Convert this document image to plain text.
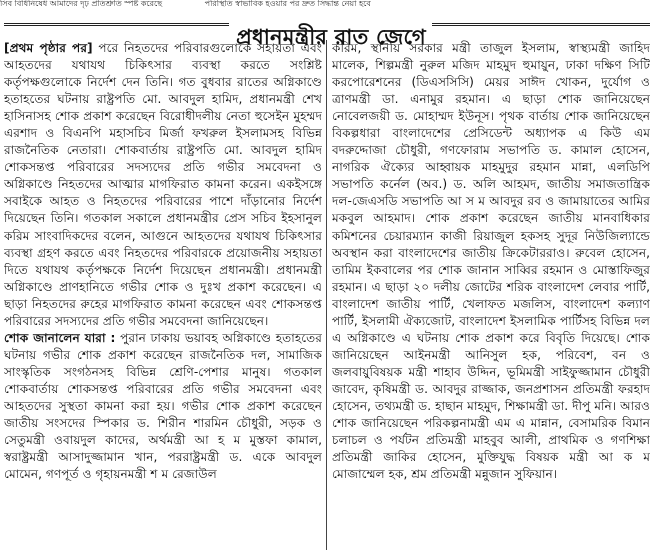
সিব বিধিনিষেধ আমাদের দৃঢ় প্রতিশ্রুতি স্পষ্ট করেছে	পরিস্থিতি স্বাভাবিক হওয়ার পর দ্রুত সিদ্ধান্ত নেয়া হবে
প্রধানমন্ত্রীর রাত জেগে

[প্রথম পৃষ্ঠার পর] পরে নিহতদের পরিবারগুলোকে সহায়তা এবং আহতদের যথাযথ চিকিৎসার ব্যবস্থা করতে সংশ্লিষ্ট কর্তৃপক্ষগুলোকে নির্দেশ দেন তিনি। গত বুধবার রাতের অগ্নিকাণ্ডে হতাহতের ঘটনায় রাষ্ট্রপতি মো. আবদুল হামিদ, প্রধানমন্ত্রী শেখ হাসিনাসহ শোক প্রকাশ করেছেন বিরোধীদলীয় নেতা হুসেইন মুহম্মদ এরশাদ ও বিএনপি মহাসচিব মির্জা ফখরুল ইসলামসহ বিভিন্ন রাজনৈতিক নেতারা। শোকবার্তায় রাষ্ট্রপতি মো. আবদুল হামিদ শোকসন্তপ্ত পরিবারের সদস্যদের প্রতি গভীর সমবেদনা ও অগ্নিকাণ্ডে নিহতদের আত্মার মাগফিরাত কামনা করেন। একইসঙ্গে সবাইকে আহত ও নিহতদের পরিবারের পাশে দাঁড়ানোর নির্দেশ দিয়েছেন তিনি। গতকাল সকালে প্রধানমন্ত্রীর প্রেস সচিব ইহসানুল করিম সাংবাদিকদের বলেন, আগুনে আহতদের যথাযথ চিকিৎসার ব্যবস্থা গ্রহণ করতে এবং নিহতদের পরিবারকে প্রয়োজনীয় সহায়তা দিতে যথাযথ কর্তৃপক্ষকে নির্দেশ দিয়েছেন প্রধানমন্ত্রী। প্রধানমন্ত্রী অগ্নিকাণ্ডে প্রাণহানিতে গভীর শোক ও দুঃখ প্রকাশ করেছেন। এ ছাড়া নিহতদের রুহের মাগফিরাত কামনা করেছেন এবং শোকসন্তপ্ত পরিবারের সদস্যদের প্রতি গভীর সমবেদনা জানিয়েছেন।

শোক জানালেন যারা : পুরান ঢাকায় ভয়াবহ অগ্নিকাণ্ডে হতাহতের ঘটনায় গভীর শোক প্রকাশ করেছেন রাজনৈতিক দল, সামাজিক সাংস্কৃতিক সংগঠনসহ বিভিন্ন শ্রেণি-পেশার মানুষ। গতকাল শোকবার্তায় শোকসন্তপ্ত পরিবারের প্রতি গভীর সমবেদনা এবং আহতদের সুস্থতা কামনা করা হয়। গভীর শোক প্রকাশ করেছেন জাতীয় সংসদের স্পিকার ড. শিরীন শারমিন চৌধুরী, সড়ক ও সেতুমন্ত্রী ওবায়দুল কাদের, অর্থমন্ত্রী আ হ ম মুস্তফা কামাল, স্বরাষ্ট্রমন্ত্রী আসাদুজ্জামান খান, পররাষ্ট্রমন্ত্রী ড. একে আবদুল মোমেন, গণপূর্ত ও গৃহায়নমন্ত্রী শ ম রেজাউল

করিম, স্থানীয় সরকার মন্ত্রী তাজুল ইসলাম, স্বাস্থ্যমন্ত্রী জাহিদ মালেক, শিল্পমন্ত্রী নুরুল মজিদ মাহমুদ হুমায়ুন, ঢাকা দক্ষিণ সিটি করপোরেশনের (ডিএসসিসি) মেয়র সাঈদ খোকন, দুর্যোগ ও ত্রাণমন্ত্রী ডা. এনামুর রহমান। এ ছাড়া শোক জানিয়েছেন নোবেলজয়ী ড. মোহাম্মদ ইউনূস। পৃথক বার্তায় শোক জানিয়েছেন বিকল্পধারা বাংলাদেশের প্রেসিডেন্ট অধ্যাপক এ কিউ এম বদরুদ্দোজা চৌধুরী, গণফোরাম সভাপতি ড. কামাল হোসেন, নাগরিক ঐক্যের আহ্বায়ক মাহমুদুর রহমান মান্না, এলডিপি সভাপতি কর্নেল (অব.) ড. অলি আহমদ, জাতীয় সমাজতান্ত্রিক দল-জেএসডি সভাপতি আ স ম আবদুর রব ও জামায়াতের আমির মকবুল আহমাদ। শোক প্রকাশ করেছেন জাতীয় মানবাধিকার কমিশনের চেয়ারম্যান কাজী রিয়াজুল হকসহ সুদূর নিউজিল্যান্ডে অবস্থান করা বাংলাদেশের জাতীয় ক্রিকেটাররাও। রুবেল হোসেন, তামিম ইকবালের পর শোক জানান সাব্বির রহমান ও মোস্তাফিজুর রহমান। এ ছাড়া ২০ দলীয় জোটের শরিক বাংলাদেশ লেবার পার্টি, বাংলাদেশ জাতীয় পার্টি, খেলাফত মজলিস, বাংলাদেশ কল্যাণ পার্টি, ইসলামী ঐক্যজোট, বাংলাদেশ ইসলামিক পার্টিসহ বিভিন্ন দল এ অগ্নিকাণ্ডে এ ঘটনায় শোক প্রকাশ করে বিবৃতি দিয়েছে। শোক জানিয়েছেন আইনমন্ত্রী আনিসুল হক, পরিবেশ, বন ও জলবায়ুবিষয়ক মন্ত্রী শাহাব উদ্দিন, ভূমিমন্ত্রী সাইফুজ্জামান চৌধুরী জাবেদ, কৃষিমন্ত্রী ড. আবদুর রাজ্জাক, জনপ্রশাসন প্রতিমন্ত্রী ফরহাদ হোসেন, তথ্যমন্ত্রী ড. হাছান মাহমুদ, শিক্ষামন্ত্রী ডা. দীপু মনি। আরও শোক জানিয়েছেন পরিকল্পনামন্ত্রী এম এ মান্নান, বেসামরিক বিমান চলাচল ও পর্যটন প্রতিমন্ত্রী মাহবুব আলী, প্রাথমিক ও গণশিক্ষা প্রতিমন্ত্রী জাকির হোসেন, মুক্তিযুদ্ধ বিষয়ক মন্ত্রী আ ক ম মোজাম্মেল হক, শ্রম প্রতিমন্ত্রী মন্নুজান সুফিয়ান।
